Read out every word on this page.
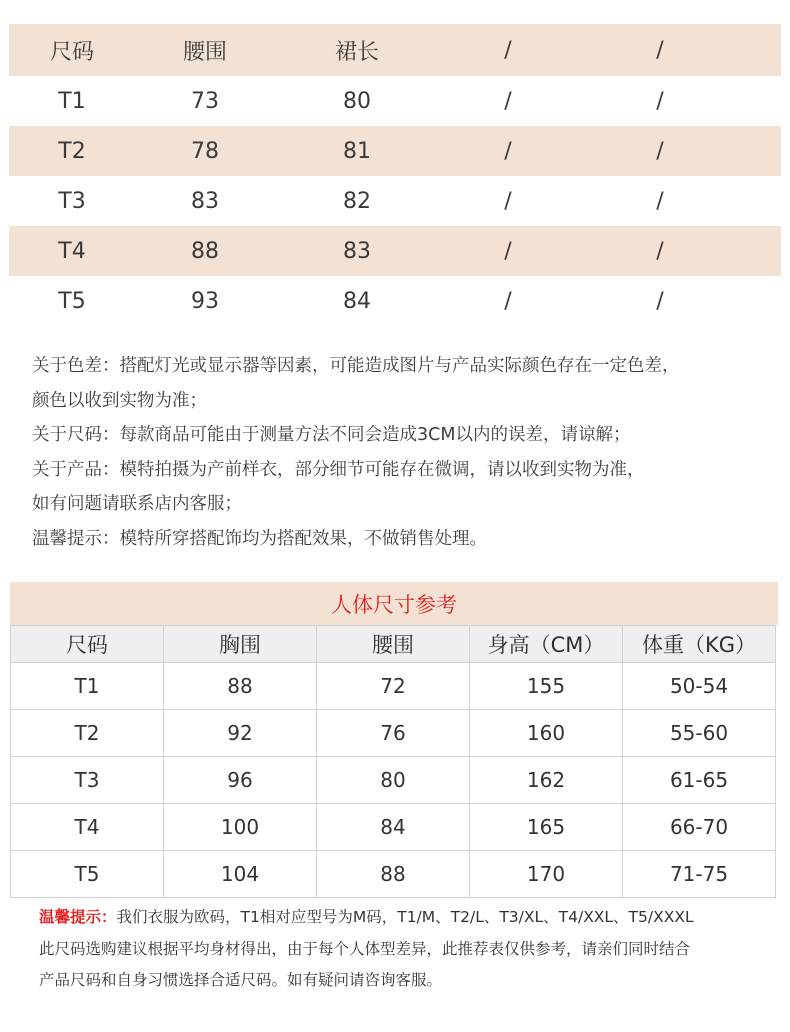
尺码	腰围	裙长	/	/
T1	73	80	/	/
T2	78	81	/	/
T3	83	82	/	/
T4	88	83	/	/
T5	93	84	/	/
关于色差：搭配灯光或显示器等因素，可能造成图片与产品实际颜色存在一定色差，
颜色以收到实物为准；
关于尺码：每款商品可能由于测量方法不同会造成3CM以内的误差，请谅解；
关于产品：模特拍摄为产前样衣，部分细节可能存在微调，请以收到实物为准，
如有问题请联系店内客服；
温馨提示：模特所穿搭配饰均为搭配效果，不做销售处理。
人体尺寸参考
尺码	胸围	腰围	身高（CM）	体重（KG）
T1	88	72	155	50-54
T2	92	76	160	55-60
T3	96	80	162	61-65
T4	100	84	165	66-70
T5	104	88	170	71-75
温馨提示：我们衣服为欧码，T1相对应型号为M码，T1/M、T2/L、T3/XL、T4/XXL、T5/XXXL
此尺码选购建议根据平均身材得出，由于每个人体型差异，此推荐表仅供参考，请亲们同时结合
产品尺码和自身习惯选择合适尺码。如有疑问请咨询客服。
